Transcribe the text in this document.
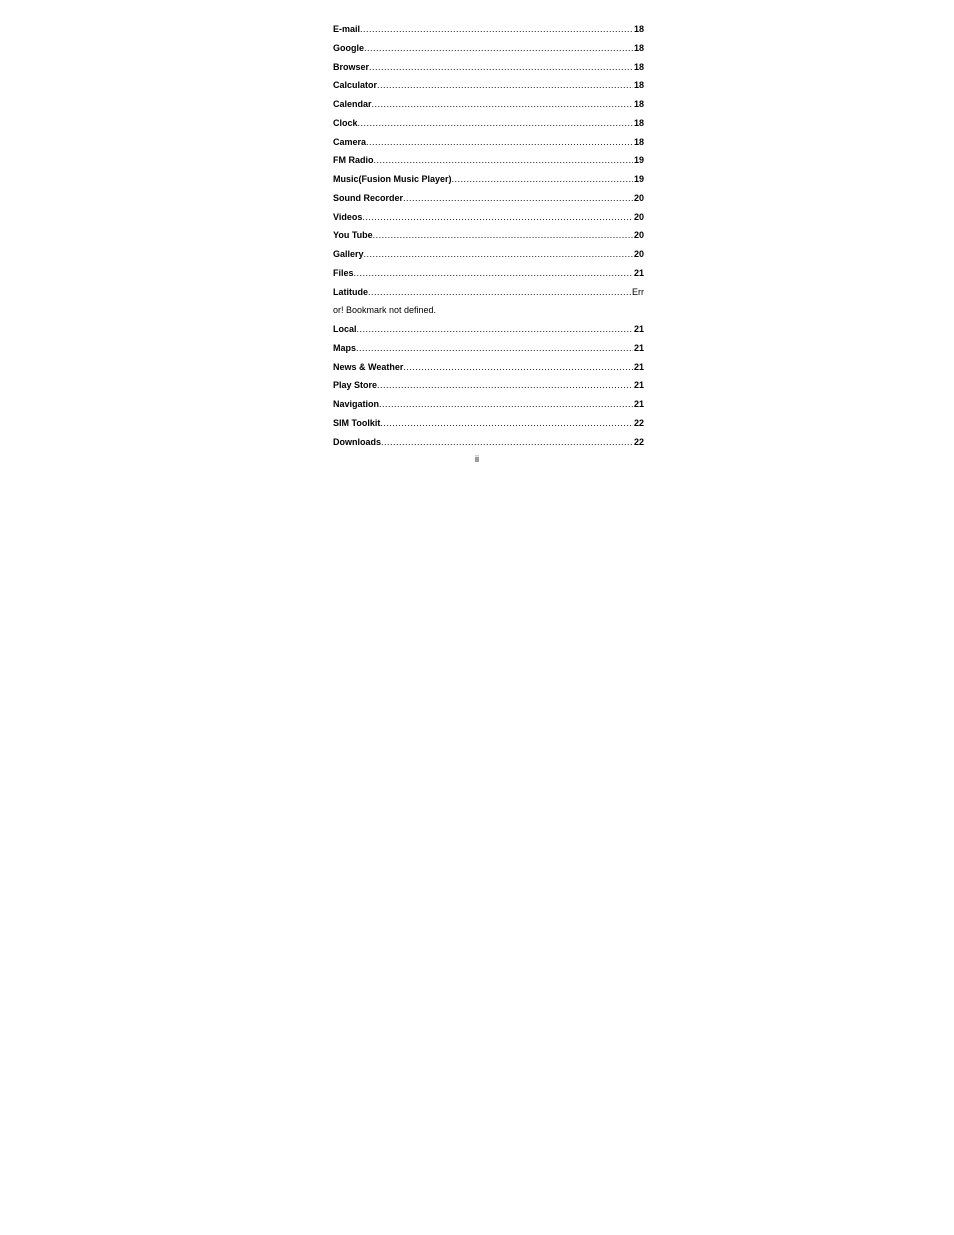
E-mail .....	18
Google .....	18
Browser .....	18
Calculator .....	18
Calendar .....	18
Clock .....	18
Camera .....	18
FM Radio .....	19
Music(Fusion Music Player) .....	19
Sound Recorder .....	20
Videos .....	20
You Tube .....	20
Gallery .....	20
Files .....	21
Latitude .....	Err
or! Bookmark not defined.
Local .....	21
Maps .....	21
News & Weather .....	21
Play Store .....	21
Navigation .....	21
SIM Toolkit .....	22
Downloads .....	22
ii
